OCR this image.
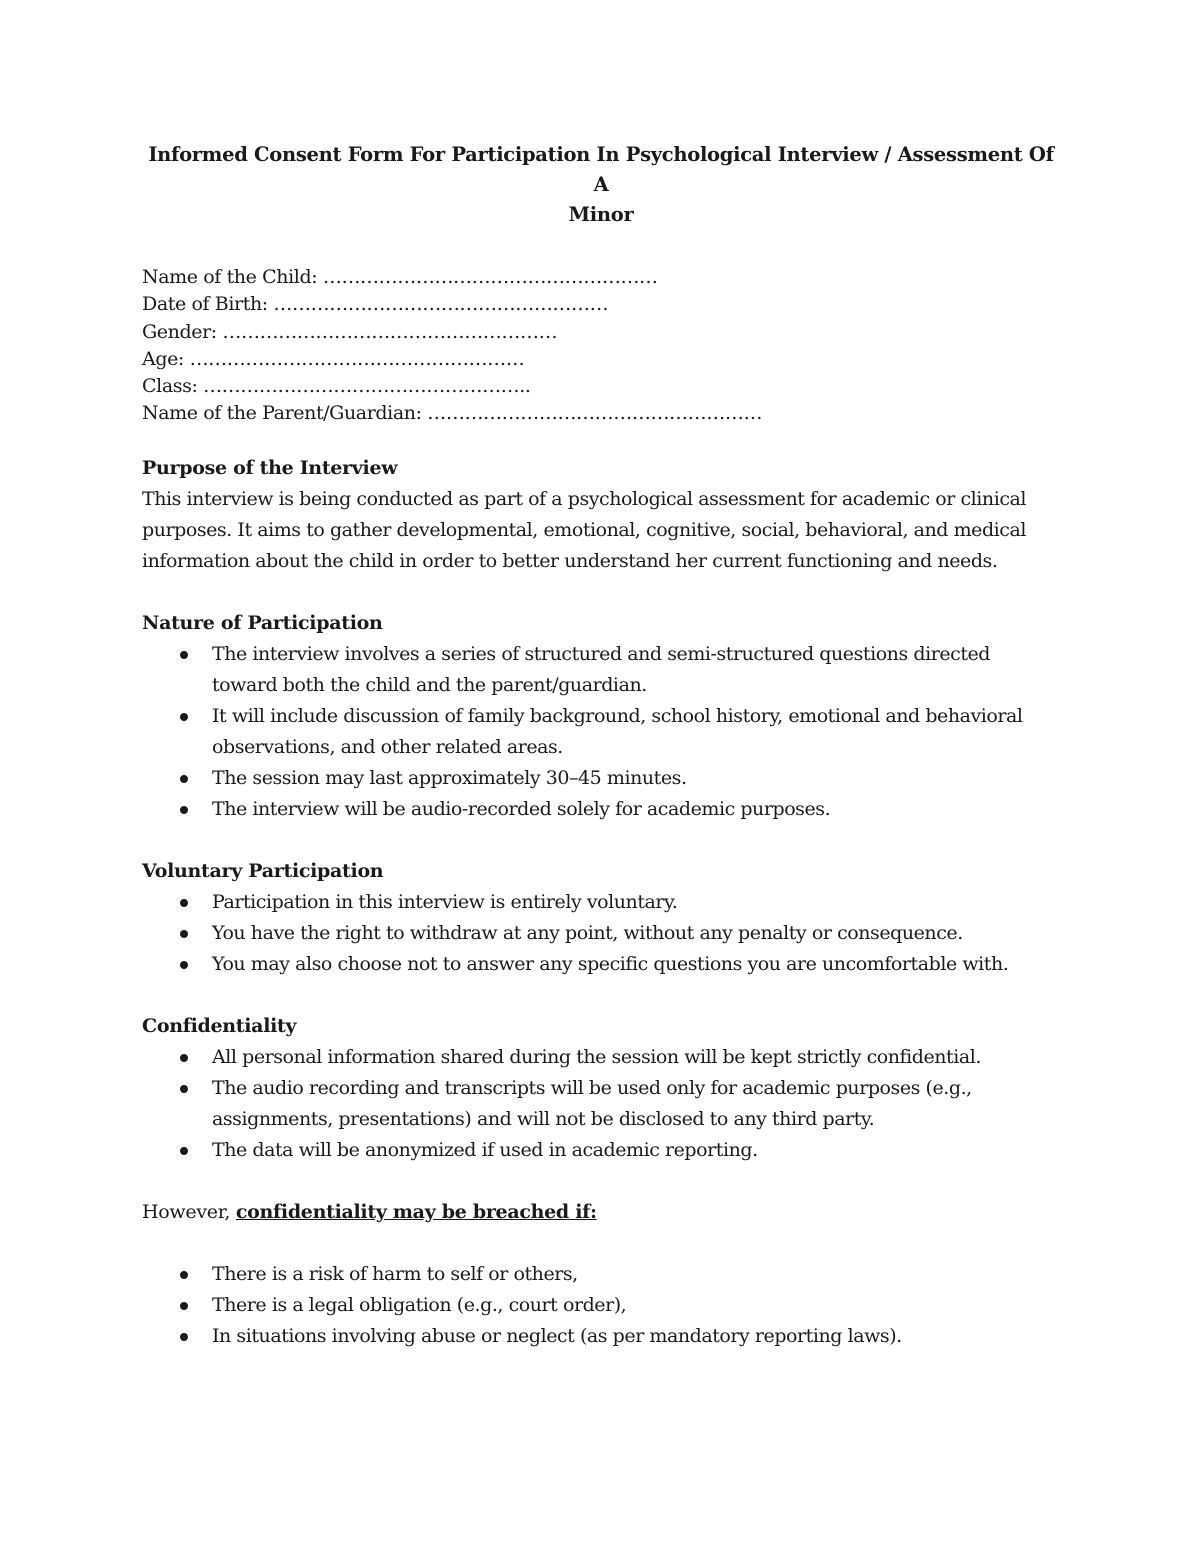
Informed Consent Form For Participation In Psychological Interview / Assessment Of A
Minor
Name of the Child: ………………………………………………
Date of Birth: ………………………………………………
Gender: ………………………………………………
Age: ………………………………………………
Class: ……………………………………………..
Name of the Parent/Guardian: ………………………………………………
Purpose of the Interview
This interview is being conducted as part of a psychological assessment for academic or clinical purposes. It aims to gather developmental, emotional, cognitive, social, behavioral, and medical information about the child in order to better understand her current functioning and needs.
Nature of Participation
The interview involves a series of structured and semi-structured questions directed toward both the child and the parent/guardian.
It will include discussion of family background, school history, emotional and behavioral observations, and other related areas.
The session may last approximately 30–45 minutes.
The interview will be audio-recorded solely for academic purposes.
Voluntary Participation
Participation in this interview is entirely voluntary.
You have the right to withdraw at any point, without any penalty or consequence.
You may also choose not to answer any specific questions you are uncomfortable with.
Confidentiality
All personal information shared during the session will be kept strictly confidential.
The audio recording and transcripts will be used only for academic purposes (e.g., assignments, presentations) and will not be disclosed to any third party.
The data will be anonymized if used in academic reporting.
However, confidentiality may be breached if:
There is a risk of harm to self or others,
There is a legal obligation (e.g., court order),
In situations involving abuse or neglect (as per mandatory reporting laws).
